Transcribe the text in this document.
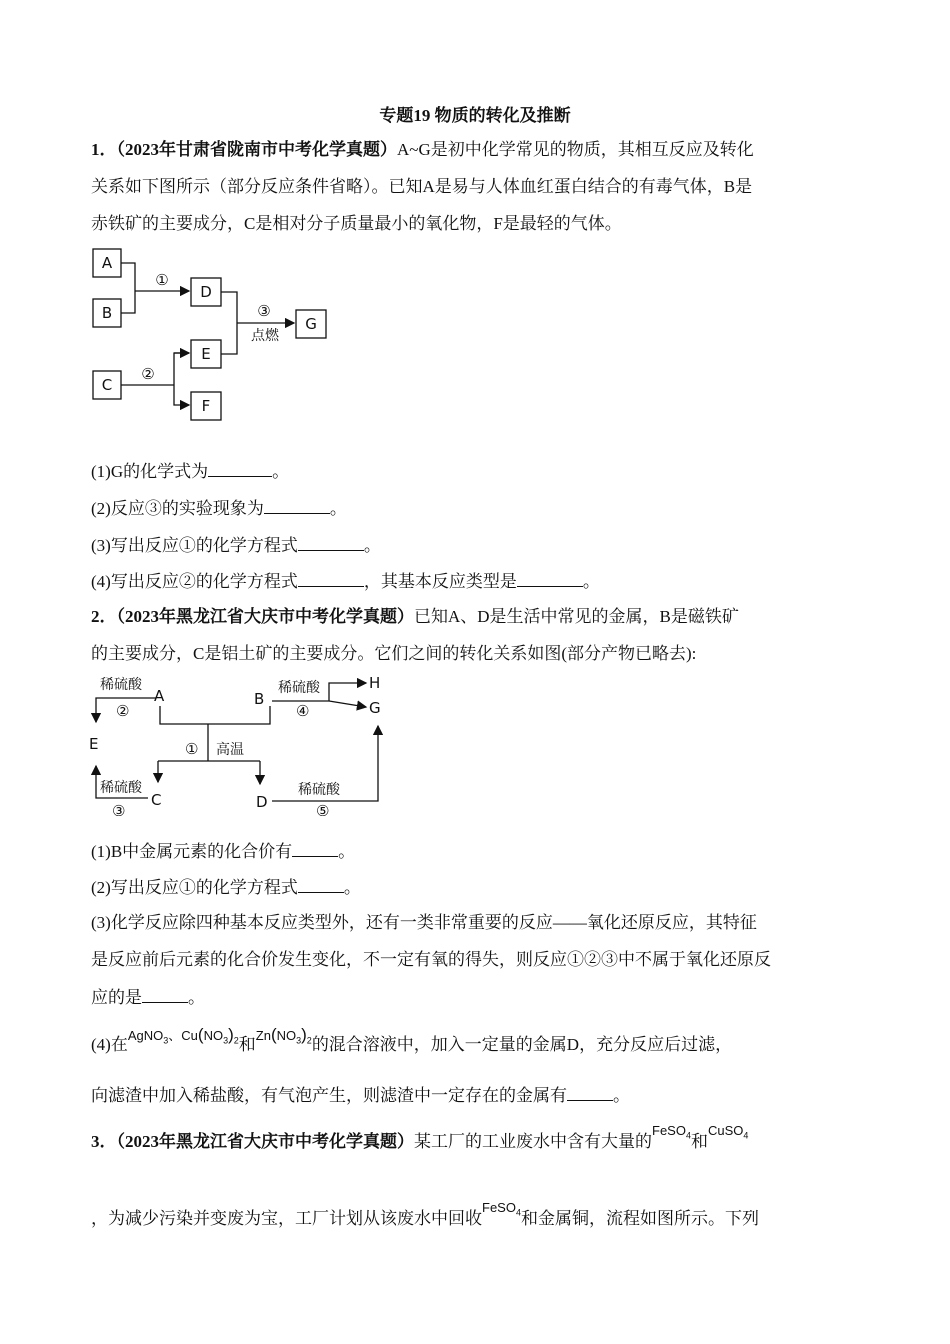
专题19 物质的转化及推断
1．（2023年甘肃省陇南市中考化学真题）A~G是初中化学常见的物质，其相互反应及转化
关系如下图所示（部分反应条件省略）。已知A是易与人体血红蛋白结合的有毒气体，B是
赤铁矿的主要成分，C是相对分子质量最小的氧化物，F是最轻的气体。
A
B
C
D
E
F
G
①
②
③
点燃
(1)G的化学式为	。
(2)反应③的实验现象为	。
(3)写出反应①的化学方程式	。
(4)写出反应②的化学方程式	，其基本反应类型是	。
2．（2023年黑龙江省大庆市中考化学真题）已知A、D是生活中常见的金属，B是磁铁矿
的主要成分，C是铝土矿的主要成分。它们之间的转化关系如图(部分产物已略去):
A	B
E
C	D
H
G
稀硫酸
②
稀硫酸
④
① 高温
稀硫酸
③
稀硫酸
⑤
(1)B中金属元素的化合价有	。
(2)写出反应①的化学方程式	。
(3)化学反应除四种基本反应类型外，还有一类非常重要的反应——氧化还原反应，其特征
是反应前后元素的化合价发生变化，不一定有氧的得失，则反应①②③中不属于氧化还原反
应的是	。
(4)在$^{AgNO_3、Cu(NO_3)_2}$和$^{Zn(NO_3)_2}$的混合溶液中，加入一定量的金属D，充分反应后过滤，
向滤渣中加入稀盐酸，有气泡产生，则滤渣中一定存在的金属有	。
3．（2023年黑龙江省大庆市中考化学真题）某工厂的工业废水中含有大量的$^{FeSO_4}$和$^{CuSO_4}$
，为减少污染并变废为宝，工厂计划从该废水中回收$^{FeSO_4}$和金属铜，流程如图所示。下列
